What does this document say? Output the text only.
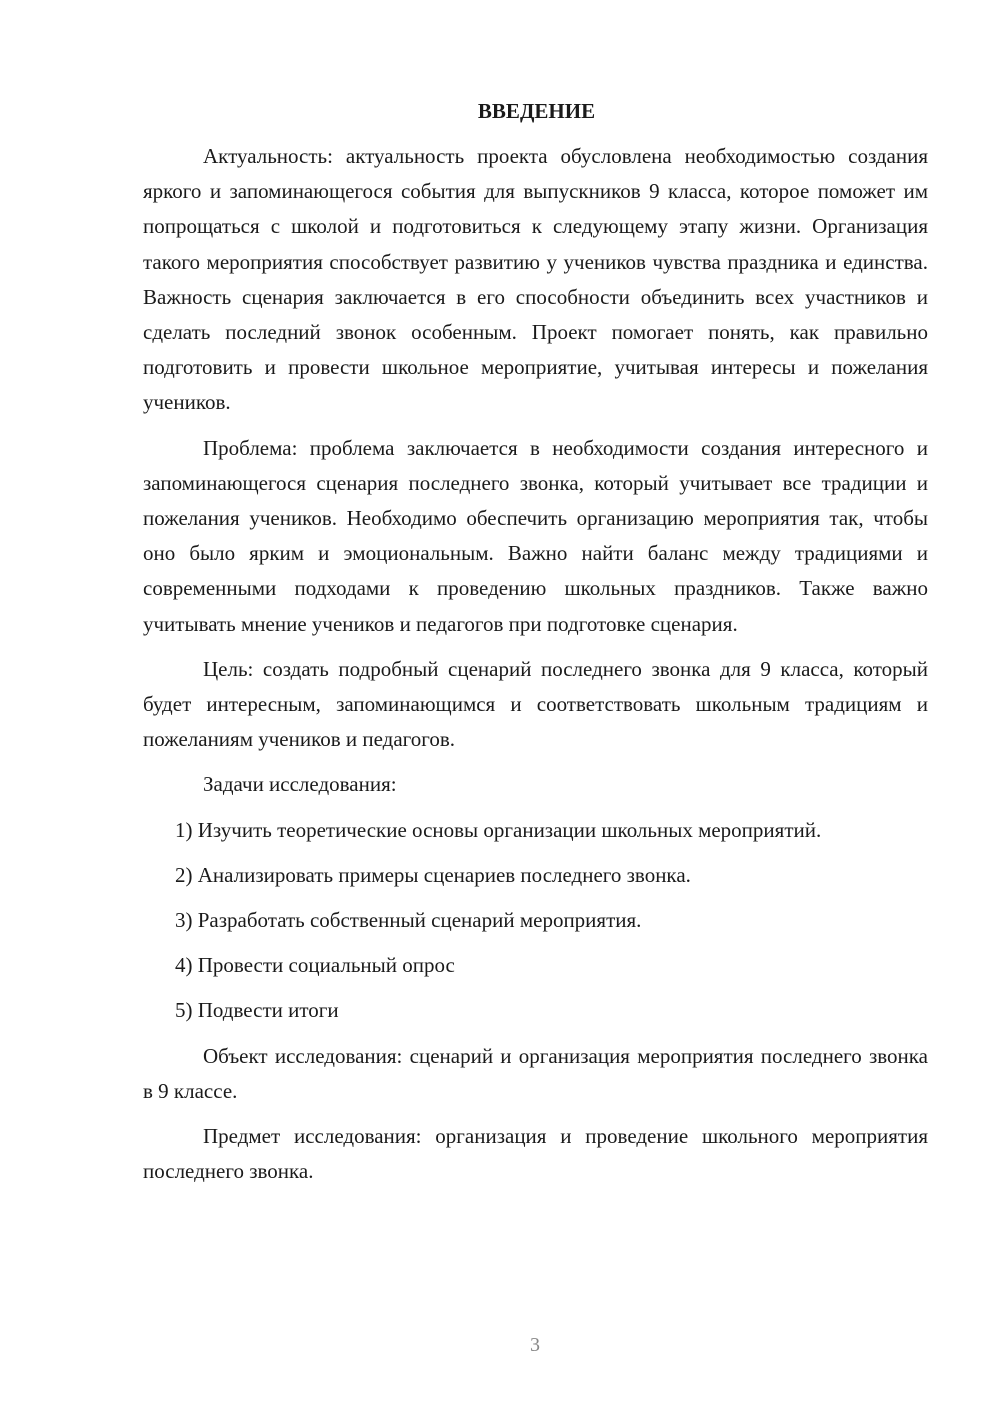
ВВЕДЕНИЕ

Актуальность: актуальность проекта обусловлена необходимостью создания яркого и запоминающегося события для выпускников 9 класса, которое поможет им попрощаться с школой и подготовиться к следующему этапу жизни. Организация такого мероприятия способствует развитию у учеников чувства праздника и единства. Важность сценария заключается в его способности объединить всех участников и сделать последний звонок особенным. Проект помогает понять, как правильно подготовить и провести школьное мероприятие, учитывая интересы и пожелания учеников.

Проблема: проблема заключается в необходимости создания интересного и запоминающегося сценария последнего звонка, который учитывает все традиции и пожелания учеников. Необходимо обеспечить организацию мероприятия так, чтобы оно было ярким и эмоциональным. Важно найти баланс между традициями и современными подходами к проведению школьных праздников. Также важно учитывать мнение учеников и педагогов при подготовке сценария.

Цель: создать подробный сценарий последнего звонка для 9 класса, который будет интересным, запоминающимся и соответствовать школьным традициям и пожеланиям учеников и педагогов.

Задачи исследования:

1) Изучить теоретические основы организации школьных мероприятий.

2) Анализировать примеры сценариев последнего звонка.

3) Разработать собственный сценарий мероприятия.

4) Провести социальный опрос

5) Подвести итоги

Объект исследования: сценарий и организация мероприятия последнего звонка в 9 классе.

Предмет исследования: организация и проведение школьного мероприятия последнего звонка.

3
